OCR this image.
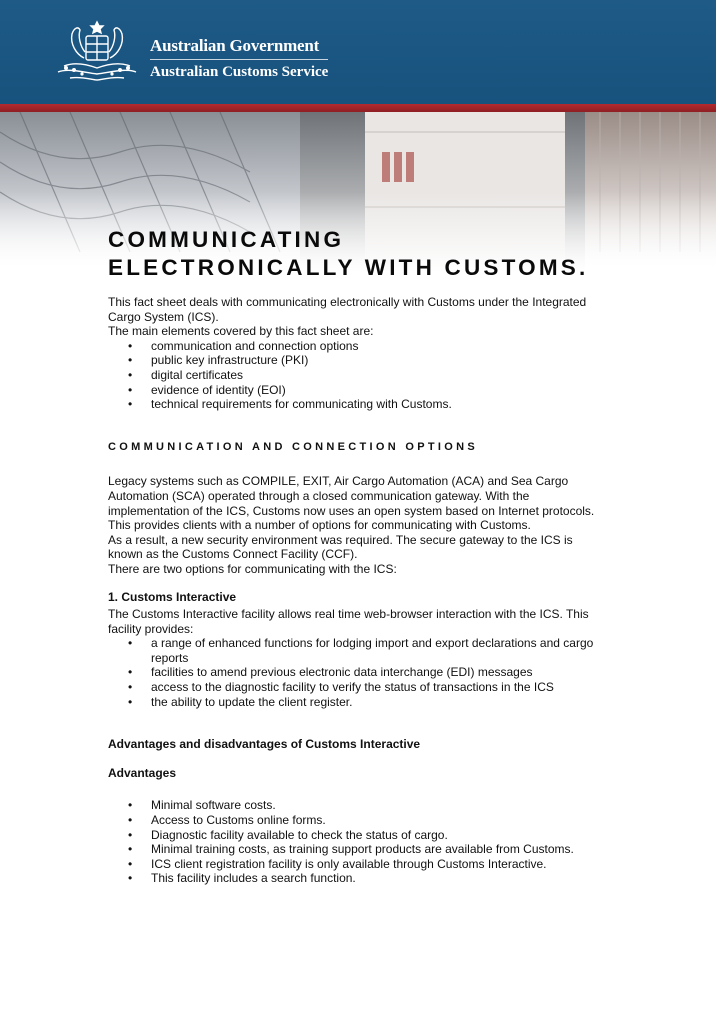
Australian Government
Australian Customs Service
COMMUNICATING
ELECTRONICALLY WITH CUSTOMS.

This fact sheet deals with communicating electronically with Customs under the Integrated Cargo System (ICS).

The main elements covered by this fact sheet are:

• communication and connection options
• public key infrastructure (PKI)
• digital certificates
• evidence of identity (EOI)
• technical requirements for communicating with Customs.
COMMUNICATION AND CONNECTION OPTIONS

Legacy systems such as COMPILE, EXIT, Air Cargo Automation (ACA) and Sea Cargo Automation (SCA) operated through a closed communication gateway. With the implementation of the ICS, Customs now uses an open system based on Internet protocols. This provides clients with a number of options for communicating with Customs.

As a result, a new security environment was required. The secure gateway to the ICS is known as the Customs Connect Facility (CCF).

There are two options for communicating with the ICS:

1. Customs Interactive

The Customs Interactive facility allows real time web-browser interaction with the ICS. This facility provides:

• a range of enhanced functions for lodging import and export declarations and cargo reports
• facilities to amend previous electronic data interchange (EDI) messages
• access to the diagnostic facility to verify the status of transactions in the ICS
• the ability to update the client register.
Advantages and disadvantages of Customs Interactive
Advantages
• Minimal software costs.
• Access to Customs online forms.
• Diagnostic facility available to check the status of cargo.
• Minimal training costs, as training support products are available from Customs.
• ICS client registration facility is only available through Customs Interactive.
• This facility includes a search function.
